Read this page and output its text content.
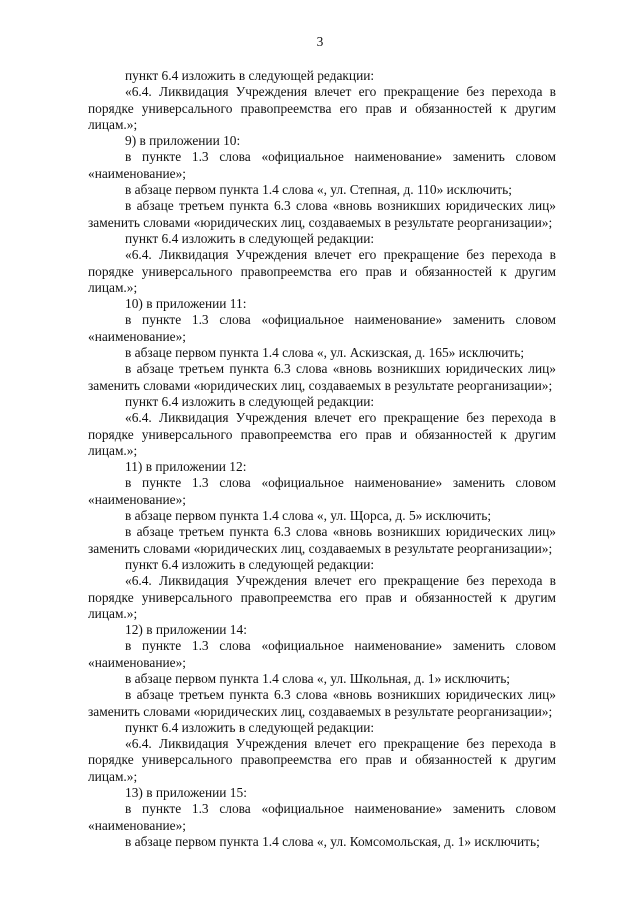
3

пункт 6.4 изложить в следующей редакции:

«6.4. Ликвидация Учреждения влечет его прекращение без перехода в порядке универсального правопреемства его прав и обязанностей к другим лицам.»;

9) в приложении 10:

в пункте 1.3 слова «официальное наименование» заменить словом «наименование»;

в абзаце первом пункта 1.4 слова «, ул. Степная, д. 110» исключить;

в абзаце третьем пункта 6.3 слова «вновь возникших юридических лиц» заменить словами «юридических лиц, создаваемых в результате реорганизации»;

пункт 6.4 изложить в следующей редакции:

«6.4. Ликвидация Учреждения влечет его прекращение без перехода в порядке универсального правопреемства его прав и обязанностей к другим лицам.»;

10) в приложении 11:

в пункте 1.3 слова «официальное наименование» заменить словом «наименование»;

в абзаце первом пункта 1.4 слова «, ул. Аскизская, д. 165» исключить;

в абзаце третьем пункта 6.3 слова «вновь возникших юридических лиц» заменить словами «юридических лиц, создаваемых в результате реорганизации»;

пункт 6.4 изложить в следующей редакции:

«6.4. Ликвидация Учреждения влечет его прекращение без перехода в порядке универсального правопреемства его прав и обязанностей к другим лицам.»;

11) в приложении 12:

в пункте 1.3 слова «официальное наименование» заменить словом «наименование»;

в абзаце первом пункта 1.4 слова «, ул. Щорса, д. 5» исключить;

в абзаце третьем пункта 6.3 слова «вновь возникших юридических лиц» заменить словами «юридических лиц, создаваемых в результате реорганизации»;

пункт 6.4 изложить в следующей редакции:

«6.4. Ликвидация Учреждения влечет его прекращение без перехода в порядке универсального правопреемства его прав и обязанностей к другим лицам.»;

12) в приложении 14:

в пункте 1.3 слова «официальное наименование» заменить словом «наименование»;

в абзаце первом пункта 1.4 слова «, ул. Школьная, д. 1» исключить;

в абзаце третьем пункта 6.3 слова «вновь возникших юридических лиц» заменить словами «юридических лиц, создаваемых в результате реорганизации»;

пункт 6.4 изложить в следующей редакции:

«6.4. Ликвидация Учреждения влечет его прекращение без перехода в порядке универсального правопреемства его прав и обязанностей к другим лицам.»;

13) в приложении 15:

в пункте 1.3 слова «официальное наименование» заменить словом «наименование»;

в абзаце первом пункта 1.4 слова «, ул. Комсомольская, д. 1» исключить;
